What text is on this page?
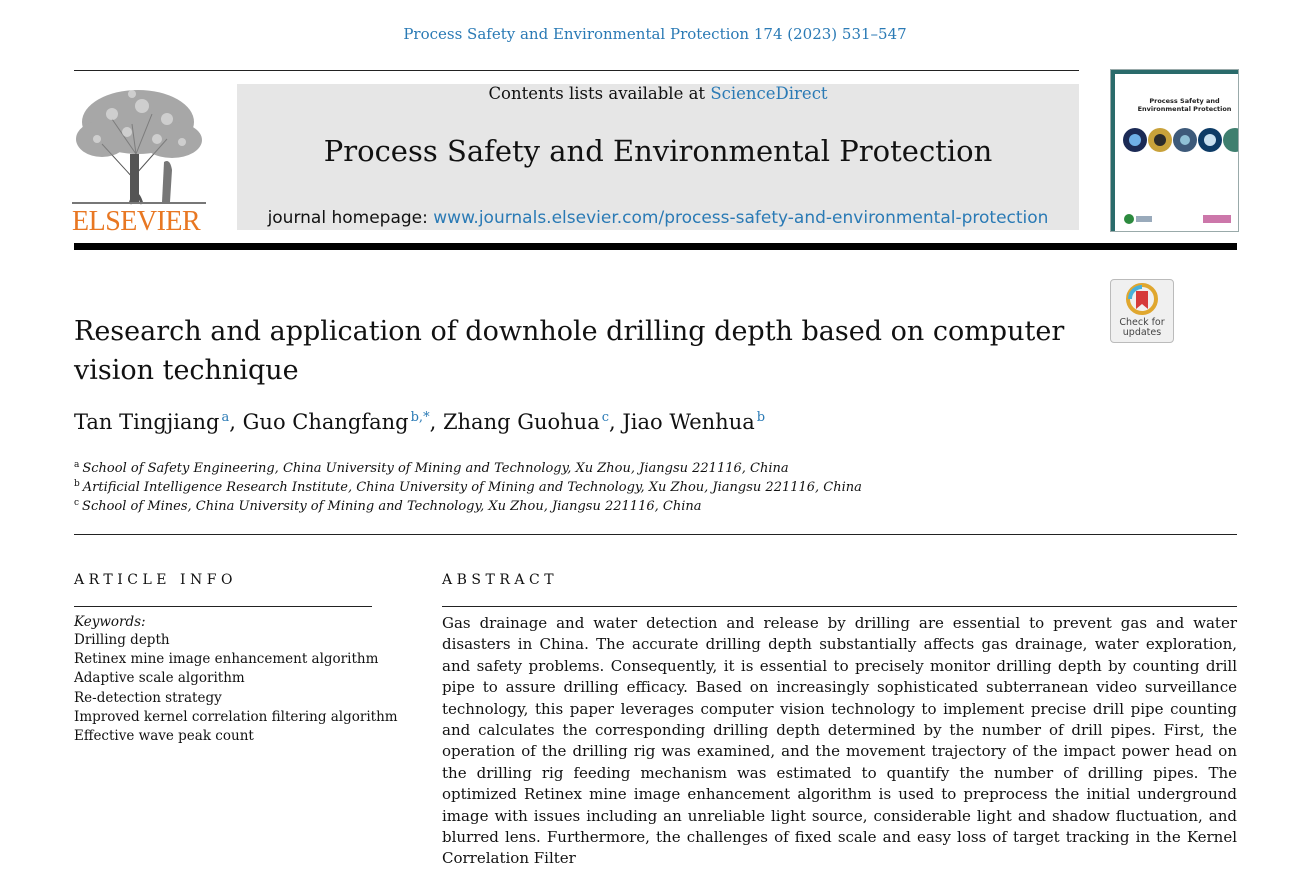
Process Safety and Environmental Protection 174 (2023) 531–547
ELSEVIER
Contents lists available at ScienceDirect
Process Safety and Environmental Protection
journal homepage: www.journals.elsevier.com/process-safety-and-environmental-protection
Process Safety and Environmental Protection
Check for
updates
Research and application of downhole drilling depth based on computer vision technique
Tan Tingjiang $^a$, Guo Changfang $^{b,*}$, Zhang Guohua $^c$, Jiao Wenhua $^b$
$^a$ School of Safety Engineering, China University of Mining and Technology, Xu Zhou, Jiangsu 221116, China
$^b$ Artificial Intelligence Research Institute, China University of Mining and Technology, Xu Zhou, Jiangsu 221116, China
$^c$ School of Mines, China University of Mining and Technology, Xu Zhou, Jiangsu 221116, China
ARTICLE INFO
Keywords:
Drilling depth
Retinex mine image enhancement algorithm
Adaptive scale algorithm
Re-detection strategy
Improved kernel correlation filtering algorithm
Effective wave peak count
ABSTRACT
Gas drainage and water detection and release by drilling are essential to prevent gas and water disasters in China. The accurate drilling depth substantially affects gas drainage, water exploration, and safety problems. Consequently, it is essential to precisely monitor drilling depth by counting drill pipe to assure drilling efficacy. Based on increasingly sophisticated subterranean video surveillance technology, this paper leverages computer vision technology to implement precise drill pipe counting and calculates the corresponding drilling depth determined by the number of drill pipes. First, the operation of the drilling rig was examined, and the movement trajectory of the impact power head on the drilling rig feeding mechanism was estimated to quantify the number of drilling pipes. The optimized Retinex mine image enhancement algorithm is used to preprocess the initial underground image with issues including an unreliable light source, considerable light and shadow fluctuation, and blurred lens. Furthermore, the challenges of fixed scale and easy loss of target tracking in the Kernel Correlation Filter
